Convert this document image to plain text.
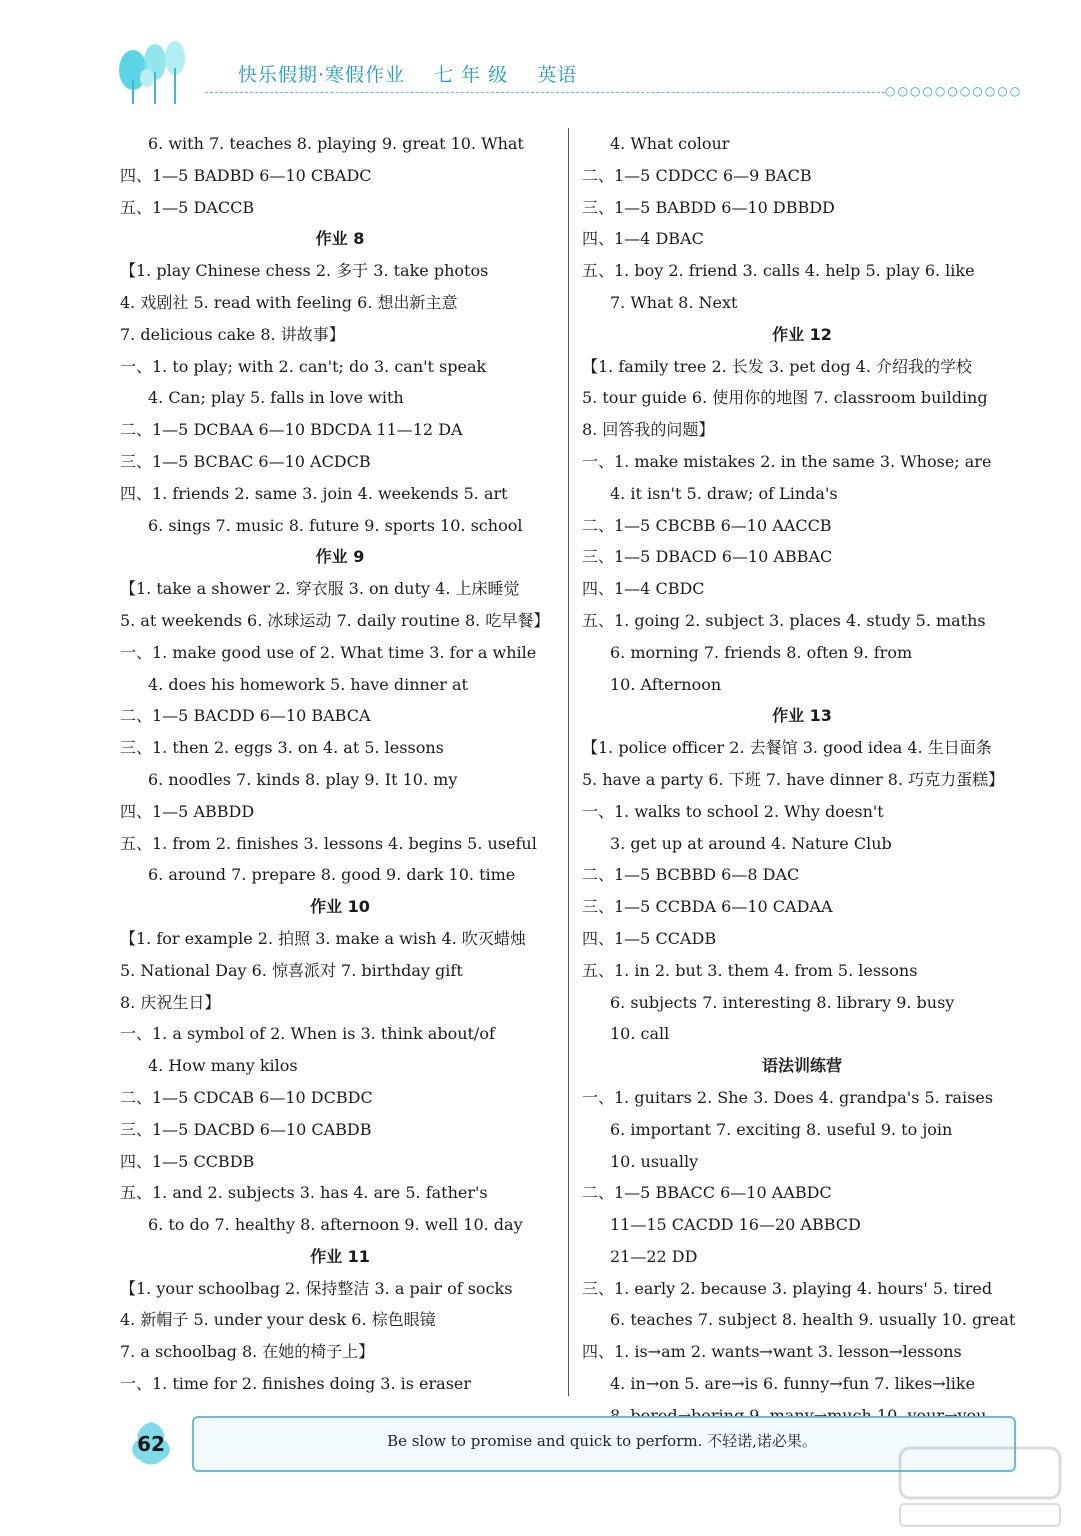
快乐假期·寒假作业 七 年 级 英语
○○○○○○○○○○○
6. with 7. teaches 8. playing 9. great 10. What
四、1—5 BADBD 6—10 CBADC
五、1—5 DACCB
作业 8
【1. play Chinese chess 2. 多于 3. take photos
4. 戏剧社 5. read with feeling 6. 想出新主意
7. delicious cake 8. 讲故事】
一、1. to play; with 2. can't; do 3. can't speak
4. Can; play 5. falls in love with
二、1—5 DCBAA 6—10 BDCDA 11—12 DA
三、1—5 BCBAC 6—10 ACDCB
四、1. friends 2. same 3. join 4. weekends 5. art
6. sings 7. music 8. future 9. sports 10. school
作业 9
【1. take a shower 2. 穿衣服 3. on duty 4. 上床睡觉
5. at weekends 6. 冰球运动 7. daily routine 8. 吃早餐】
一、1. make good use of 2. What time 3. for a while
4. does his homework 5. have dinner at
二、1—5 BACDD 6—10 BABCA
三、1. then 2. eggs 3. on 4. at 5. lessons
6. noodles 7. kinds 8. play 9. It 10. my
四、1—5 ABBDD
五、1. from 2. finishes 3. lessons 4. begins 5. useful
6. around 7. prepare 8. good 9. dark 10. time
作业 10
【1. for example 2. 拍照 3. make a wish 4. 吹灭蜡烛
5. National Day 6. 惊喜派对 7. birthday gift
8. 庆祝生日】
一、1. a symbol of 2. When is 3. think about/of
4. How many kilos
二、1—5 CDCAB 6—10 DCBDC
三、1—5 DACBD 6—10 CABDB
四、1—5 CCBDB
五、1. and 2. subjects 3. has 4. are 5. father's
6. to do 7. healthy 8. afternoon 9. well 10. day
作业 11
【1. your schoolbag 2. 保持整洁 3. a pair of socks
4. 新帽子 5. under your desk 6. 棕色眼镜
7. a schoolbag 8. 在她的椅子上】
一、1. time for 2. finishes doing 3. is eraser
4. What colour
二、1—5 CDDCC 6—9 BACB
三、1—5 BABDD 6—10 DBBDD
四、1—4 DBAC
五、1. boy 2. friend 3. calls 4. help 5. play 6. like
7. What 8. Next
作业 12
【1. family tree 2. 长发 3. pet dog 4. 介绍我的学校
5. tour guide 6. 使用你的地图 7. classroom building
8. 回答我的问题】
一、1. make mistakes 2. in the same 3. Whose; are
4. it isn't 5. draw; of Linda's
二、1—5 CBCBB 6—10 AACCB
三、1—5 DBACD 6—10 ABBAC
四、1—4 CBDC
五、1. going 2. subject 3. places 4. study 5. maths
6. morning 7. friends 8. often 9. from
10. Afternoon
作业 13
【1. police officer 2. 去餐馆 3. good idea 4. 生日面条
5. have a party 6. 下班 7. have dinner 8. 巧克力蛋糕】
一、1. walks to school 2. Why doesn't
3. get up at around 4. Nature Club
二、1—5 BCBBD 6—8 DAC
三、1—5 CCBDA 6—10 CADAA
四、1—5 CCADB
五、1. in 2. but 3. them 4. from 5. lessons
6. subjects 7. interesting 8. library 9. busy
10. call
语法训练营
一、1. guitars 2. She 3. Does 4. grandpa's 5. raises
6. important 7. exciting 8. useful 9. to join
10. usually
二、1—5 BBACC 6—10 AABDC
11—15 CACDD 16—20 ABBCD
21—22 DD
三、1. early 2. because 3. playing 4. hours' 5. tired
6. teaches 7. subject 8. health 9. usually 10. great
四、1. is→am 2. wants→want 3. lesson→lessons
4. in→on 5. are→is 6. funny→fun 7. likes→like
62	Be slow to promise and quick to perform. 不轻诺,诺必果。
